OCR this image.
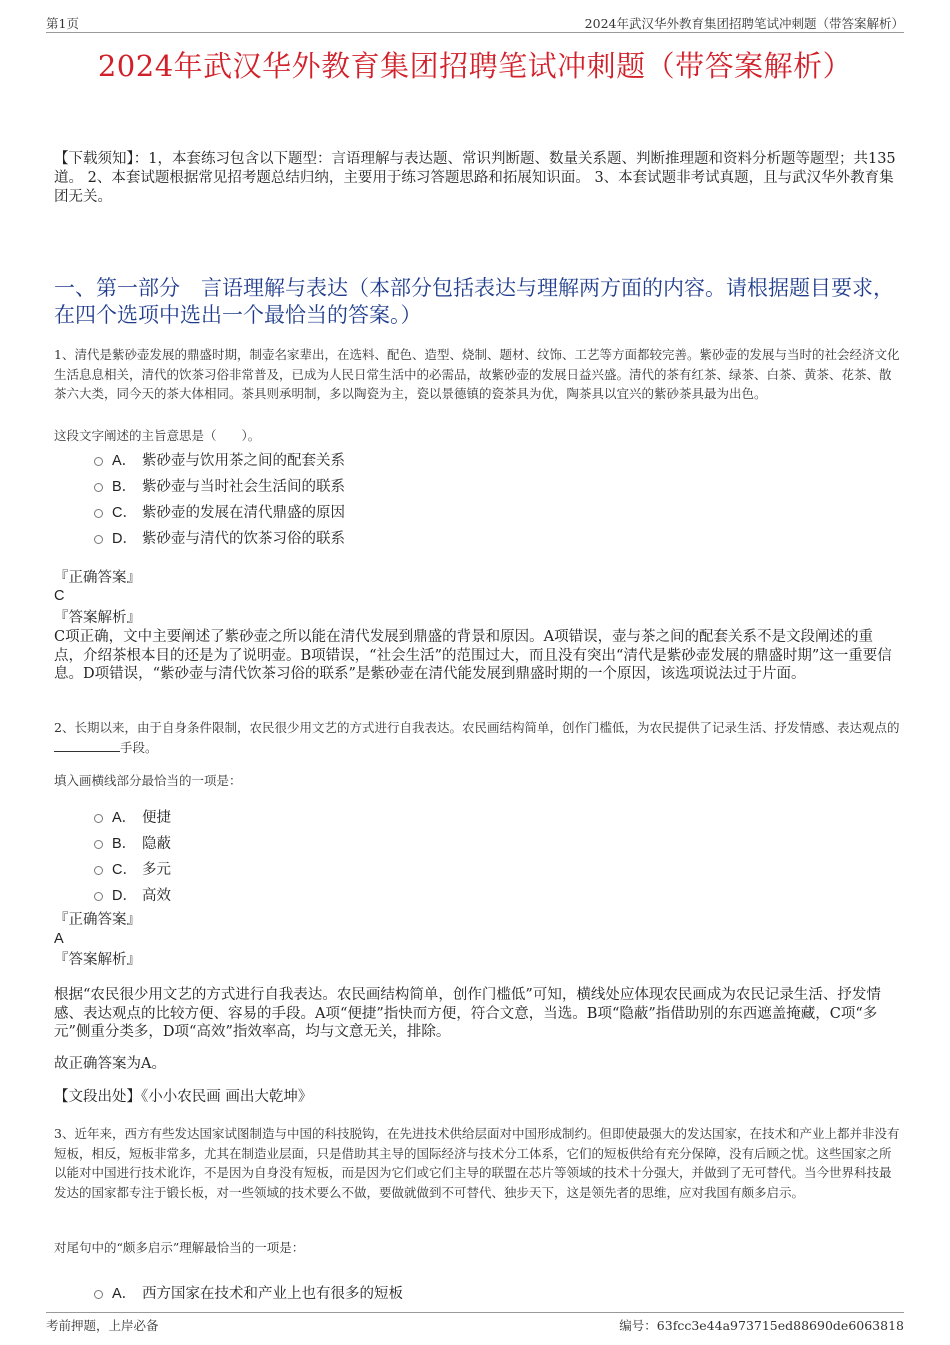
第1页	2024年武汉华外教育集团招聘笔试冲刺题（带答案解析）
2024年武汉华外教育集团招聘笔试冲刺题（带答案解析）
【下载须知】：1，本套练习包含以下题型：言语理解与表达题、常识判断题、数量关系题、判断推理题和资料分析题等题型；共135道。 2、本套试题根据常见招考题总结归纳，主要用于练习答题思路和拓展知识面。 3、本套试题非考试真题，且与武汉华外教育集团无关。
一、第一部分　言语理解与表达（本部分包括表达与理解两方面的内容。请根据题目要求，在四个选项中选出一个最恰当的答案。）
1、清代是紫砂壶发展的鼎盛时期，制壶名家辈出，在选料、配色、造型、烧制、题材、纹饰、工艺等方面都较完善。紫砂壶的发展与当时的社会经济文化生活息息相关，清代的饮茶习俗非常普及，已成为人民日常生活中的必需品，故紫砂壶的发展日益兴盛。清代的茶有红茶、绿茶、白茶、黄茶、花茶、散茶六大类，同今天的茶大体相同。茶具则承明制，多以陶瓷为主，瓷以景德镇的瓷茶具为优，陶茶具以宜兴的紫砂茶具最为出色。
这段文字阐述的主旨意思是（　　）。
A． 紫砂壶与饮用茶之间的配套关系
B． 紫砂壶与当时社会生活间的联系
C． 紫砂壶的发展在清代鼎盛的原因
D． 紫砂壶与清代的饮茶习俗的联系
『正确答案』
C
『答案解析』
C项正确，文中主要阐述了紫砂壶之所以能在清代发展到鼎盛的背景和原因。A项错误，壶与茶之间的配套关系不是文段阐述的重点，介绍茶根本目的还是为了说明壶。B项错误，“社会生活”的范围过大，而且没有突出“清代是紫砂壶发展的鼎盛时期”这一重要信息。D项错误，“紫砂壶与清代饮茶习俗的联系”是紫砂壶在清代能发展到鼎盛时期的一个原因，该选项说法过于片面。
2、长期以来，由于自身条件限制，农民很少用文艺的方式进行自我表达。农民画结构简单，创作门槛低，为农民提供了记录生活、抒发情感、表达观点的 手段。
填入画横线部分最恰当的一项是：
A． 便捷
B． 隐蔽
C． 多元
D． 高效
『正确答案』
A
『答案解析』
根据“农民很少用文艺的方式进行自我表达。农民画结构简单，创作门槛低”可知，横线处应体现农民画成为农民记录生活、抒发情感、表达观点的比较方便、容易的手段。A项“便捷”指快而方便，符合文意，当选。B项“隐蔽”指借助别的东西遮盖掩藏，C项“多元”侧重分类多，D项“高效”指效率高，均与文意无关，排除。
故正确答案为A。
【文段出处】《小小农民画 画出大乾坤》
3、近年来，西方有些发达国家试图制造与中国的科技脱钩，在先进技术供给层面对中国形成制约。但即使最强大的发达国家，在技术和产业上都并非没有短板，相反，短板非常多，尤其在制造业层面，只是借助其主导的国际经济与技术分工体系，它们的短板供给有充分保障，没有后顾之忧。这些国家之所以能对中国进行技术讹诈，不是因为自身没有短板，而是因为它们或它们主导的联盟在芯片等领域的技术十分强大，并做到了无可替代。当今世界科技最发达的国家都专注于锻长板，对一些领域的技术要么不做，要做就做到不可替代、独步天下，这是领先者的思维，应对我国有颇多启示。
对尾句中的“颇多启示”理解最恰当的一项是：
A． 西方国家在技术和产业上也有很多的短板
考前押题，上岸必备	编号：63fcc3e44a973715ed88690de6063818
